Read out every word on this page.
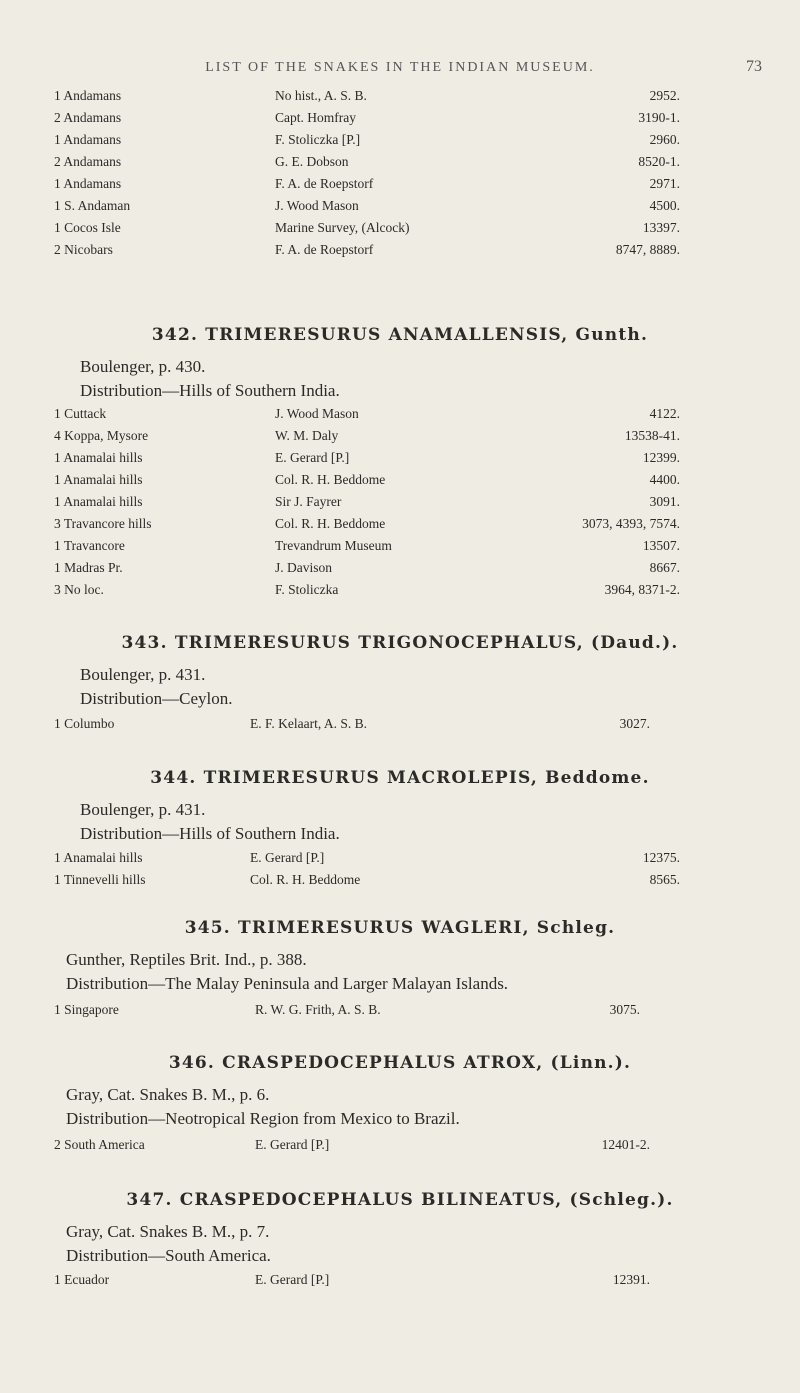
LIST OF THE SNAKES IN THE INDIAN MUSEUM.	73
1 Andamans	No hist., A. S. B.	2952.
2 Andamans	Capt. Homfray	3190-1.
1 Andamans	F. Stoliczka [P.]	2960.
2 Andamans	G. E. Dobson	8520-1.
1 Andamans	F. A. de Roepstorf	2971.
1 S. Andaman	J. Wood Mason	4500.
1 Cocos Isle	Marine Survey, (Alcock)	13397.
2 Nicobars	F. A. de Roepstorf	8747, 8889.
342. TRIMERESURUS ANAMALLENSIS, Gunth.
Boulenger, p. 430.
Distribution—Hills of Southern India.
1 Cuttack	J. Wood Mason	4122.
4 Koppa, Mysore	W. M. Daly	13538-41.
1 Anamalai hills	E. Gerard [P.]	12399.
1 Anamalai hills	Col. R. H. Beddome	4400.
1 Anamalai hills	Sir J. Fayrer	3091.
3 Travancore hills	Col. R. H. Beddome	3073, 4393, 7574.
1 Travancore	Trevandrum Museum	13507.
1 Madras Pr.	J. Davison	8667.
3 No loc.	F. Stoliczka	3964, 8371-2.
343. TRIMERESURUS TRIGONOCEPHALUS, (Daud.).
Boulenger, p. 431.
Distribution—Ceylon.
1 Columbo	E. F. Kelaart, A. S. B.	3027.
344. TRIMERESURUS MACROLEPIS, Beddome.
Boulenger, p. 431.
Distribution—Hills of Southern India.
1 Anamalai hills	E. Gerard [P.]	12375.
1 Tinnevelli hills	Col. R. H. Beddome	8565.
345. TRIMERESURUS WAGLERI, Schleg.
Gunther, Reptiles Brit. Ind., p. 388.
Distribution—The Malay Peninsula and Larger Malayan Islands.
1 Singapore	R. W. G. Frith, A. S. B.	3075.
346. CRASPEDOCEPHALUS ATROX, (Linn.).
Gray, Cat. Snakes B. M., p. 6.
Distribution—Neotropical Region from Mexico to Brazil.
2 South America	E. Gerard [P.]	12401-2.
347. CRASPEDOCEPHALUS BILINEATUS, (Schleg.).
Gray, Cat. Snakes B. M., p. 7.
Distribution—South America.
1 Ecuador	E. Gerard [P.]	12391.
